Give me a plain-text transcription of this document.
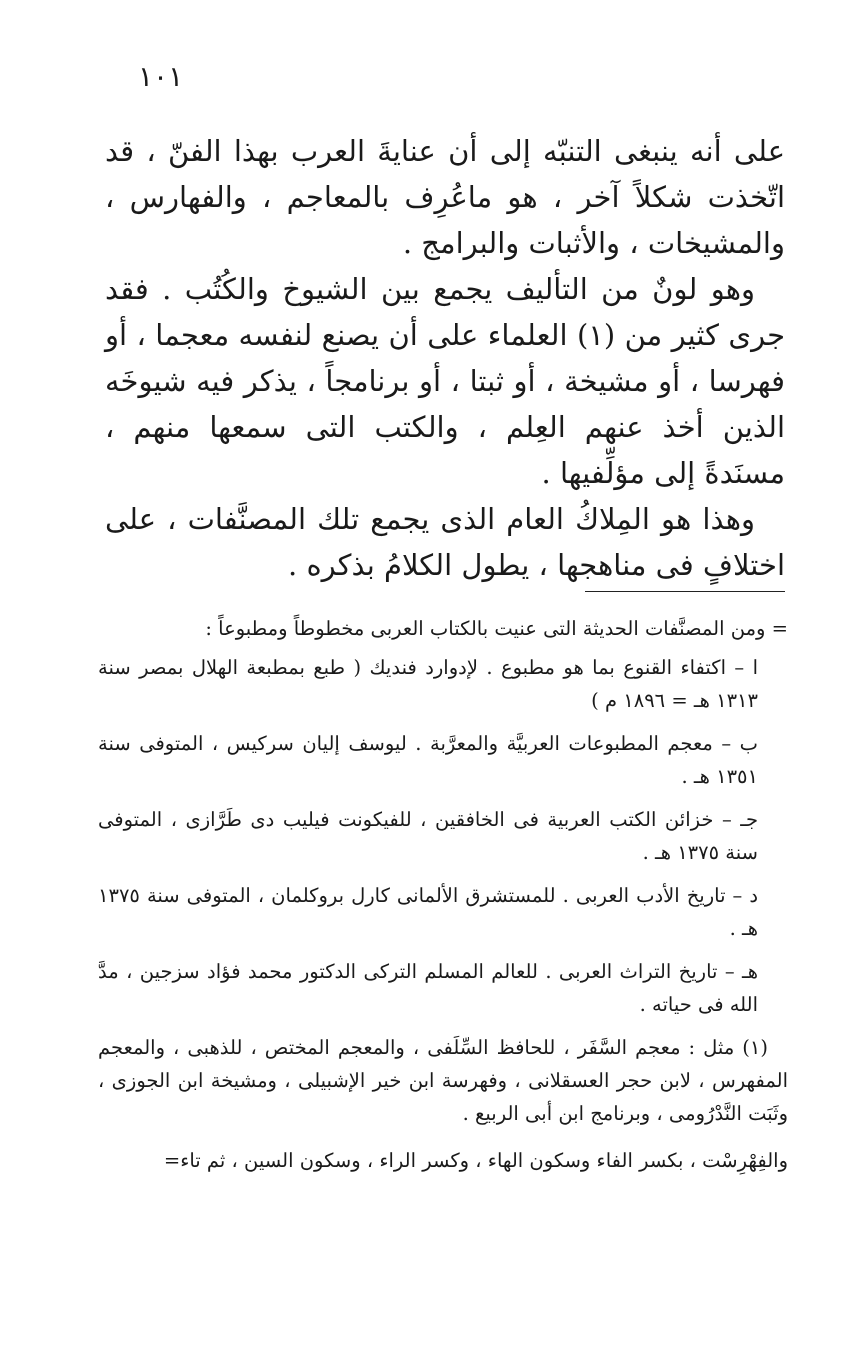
١٠١

على أنه ينبغى التنبّه إلى أن عنايةَ العرب بهذا الفنّ ، قد اتّخذت شكلاً آخر ، هو ماعُرِف بالمعاجم ، والفهارس ، والمشيخات ، والأثبات والبرامج .

وهو لونٌ من التأليف يجمع بين الشيوخ والكُتُب . فقد جرى كثير من (١) العلماء على أن يصنع لنفسه معجما ، أو فهرسا ، أو مشيخة ، أو ثبتا ، أو برنامجاً ، يذكر فيه شيوخَه الذين أخذ عنهم العِلم ، والكتب التى سمعها منهم ، مسنَدةً إلى مؤلِّفيها .

وهذا هو المِلاكُ العام الذى يجمع تلك المصنَّفات ، على اختلافٍ فى مناهجها ، يطول الكلامُ بذكره .

= ومن المصنَّفات الحديثة التى عنيت بالكتاب العربى مخطوطاً ومطبوعاً :

ا – اكتفاء القنوع بما هو مطبوع . لإدوارد فنديك ( طبع بمطبعة الهلال بمصر سنة ١٣١٣ هـ = ١٨٩٦ م )

ب – معجم المطبوعات العربيَّة والمعرَّبة . ليوسف إليان سركيس ، المتوفى سنة ١٣٥١ هـ .

جـ – خزائن الكتب العربية فى الخافقين ، للفيكونت فيليب دى طَرَّازى ، المتوفى سنة ١٣٧٥ هـ .

د – تاريخ الأدب العربى . للمستشرق الألمانى كارل بروكلمان ، المتوفى سنة ١٣٧٥ هـ .

هـ – تاريخ التراث العربى . للعالم المسلم التركى الدكتور محمد فؤاد سزجين ، مدَّ الله فى حياته .

(١) مثل : معجم السَّفَر ، للحافظ السِّلَفى ، والمعجم المختص ، للذهبى ، والمعجم المفهرس ، لابن حجر العسقلانى ، وفهرسة ابن خير الإشبيلى ، ومشيخة ابن الجوزى ، وثَبَت النَّدْرُومى ، وبرنامج ابن أبى الربيع .

والفِهْرِسْت ، بكسر الفاء وسكون الهاء ، وكسر الراء ، وسكون السين ، ثم تاء=
